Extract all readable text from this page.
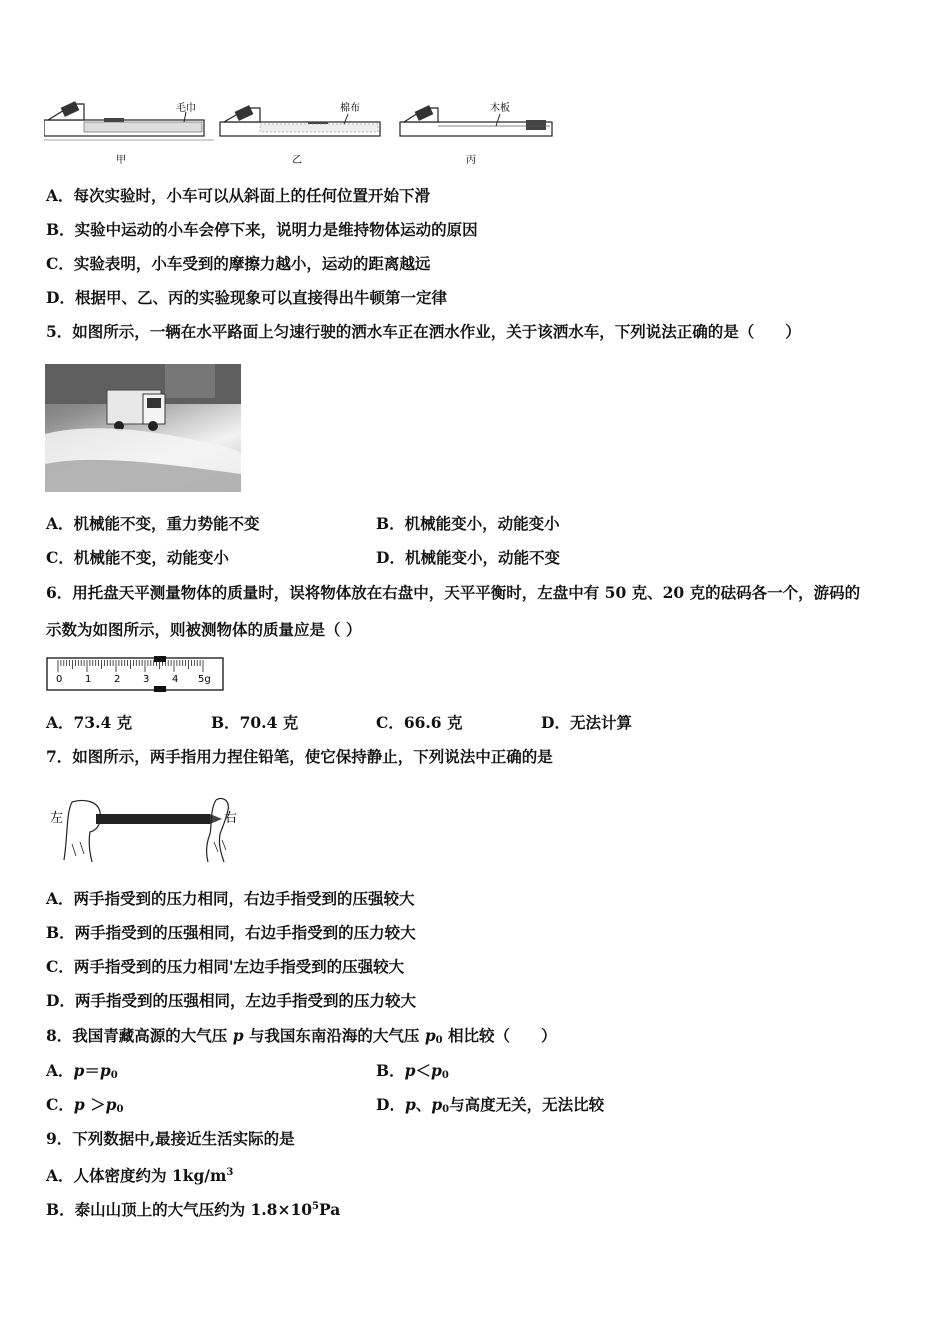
毛巾
甲
棉布
乙
木板
丙
A．每次实验时，小车可以从斜面上的任何位置开始下滑
B．实验中运动的小车会停下来，说明力是维持物体运动的原因
C．实验表明，小车受到的摩擦力越小，运动的距离越远
D．根据甲、乙、丙的实验现象可以直接得出牛顿第一定律
5．如图所示，一辆在水平路面上匀速行驶的洒水车正在洒水作业，关于该洒水车，下列说法正确的是（　　）
A．机械能不变，重力势能不变	B．机械能变小，动能变小
C．机械能不变，动能变小	D．机械能变小，动能不变
6．用托盘天平测量物体的质量时，误将物体放在右盘中，天平平衡时，左盘中有 50 克、20 克的砝码各一个，游码的
示数为如图所示，则被测物体的质量应是（ ）
0 1 2 3 4 5g
A．73.4 克	B．70.4 克	C．66.6 克	D．无法计算
7．如图所示，两手指用力捏住铅笔，使它保持静止，下列说法中正确的是
左	右
A．两手指受到的压力相同，右边手指受到的压强较大
B．两手指受到的压强相同，右边手指受到的压力较大
C．两手指受到的压力相同'左边手指受到的压强较大
D．两手指受到的压强相同，左边手指受到的压力较大
8．我国青藏高源的大气压 p 与我国东南沿海的大气压 $p_0$ 相比较（　　）
A．$p=p_0$	B．$p<p_0$
C．$p >p_0$	D．p、$p_0$与高度无关，无法比较
9．下列数据中,最接近生活实际的是
A．人体密度约为 $1kg/m^3$
B．泰山山顶上的大气压约为 $1.8\times 10^5Pa$
